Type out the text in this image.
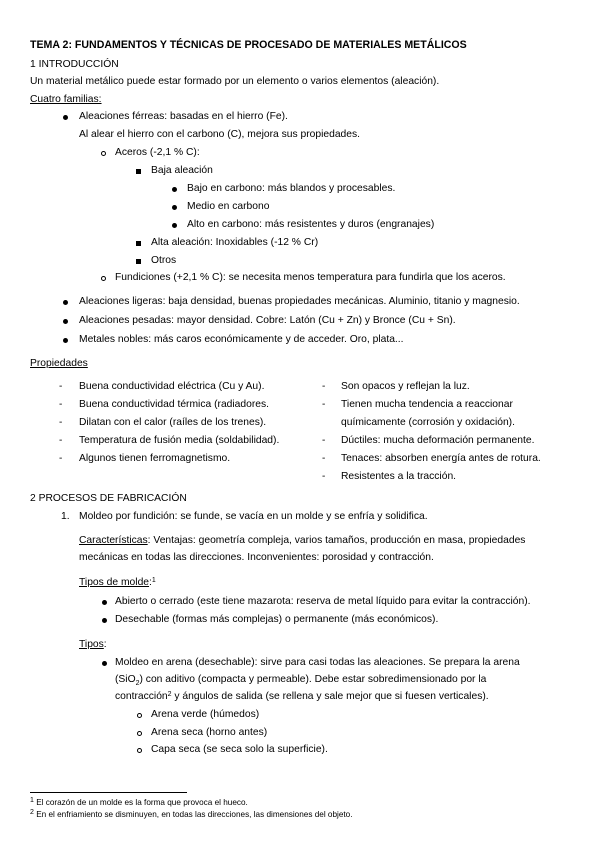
TEMA 2: FUNDAMENTOS Y TÉCNICAS DE PROCESADO DE MATERIALES METÁLICOS
1 INTRODUCCIÓN
Un material metálico puede estar formado por un elemento o varios elementos (aleación).
Cuatro familias:
Aleaciones férreas: basadas en el hierro (Fe).
Al alear el hierro con el carbono (C), mejora sus propiedades.
Aceros (-2,1 % C):
Baja aleación
Bajo en carbono: más blandos y procesables.
Medio en carbono
Alto en carbono: más resistentes y duros (engranajes)
Alta aleación: Inoxidables (-12 % Cr)
Otros
Fundiciones (+2,1 % C): se necesita menos temperatura para fundirla que los aceros.
Aleaciones ligeras: baja densidad, buenas propiedades mecánicas. Aluminio, titanio y magnesio.
Aleaciones pesadas: mayor densidad. Cobre: Latón (Cu + Zn) y Bronce (Cu + Sn).
Metales nobles: más caros económicamente y de acceder. Oro, plata...
Propiedades
- Buena conductividad eléctrica (Cu y Au).
- Buena conductividad térmica (radiadores.
- Dilatan con el calor (raíles de los trenes).
- Temperatura de fusión media (soldabilidad).
- Algunos tienen ferromagnetismo.
- Son opacos y reflejan la luz.
- Tienen mucha tendencia a reaccionar
químicamente (corrosión y oxidación).
- Dúctiles: mucha deformación permanente.
- Tenaces: absorben energía antes de rotura.
- Resistentes a la tracción.
2 PROCESOS DE FABRICACIÓN
1. Moldeo por fundición: se funde, se vacía en un molde y se enfría y solidifica.
Características: Ventajas: geometría compleja, varios tamaños, producción en masa, propiedades
mecánicas en todas las direcciones. Inconvenientes: porosidad y contracción.
Tipos de molde:$^1$
Abierto o cerrado (este tiene mazarota: reserva de metal líquido para evitar la contracción).
Desechable (formas más complejas) o permanente (más económicos).
Tipos:
Moldeo en arena (desechable): sirve para casi todas las aleaciones. Se prepara la arena
(SiO$_2$) con aditivo (compacta y permeable). Debe estar sobredimensionado por la
contracción$^2$ y ángulos de salida (se rellena y sale mejor que si fuesen verticales).
Arena verde (húmedos)
Arena seca (horno antes)
Capa seca (se seca solo la superficie).
$^1$ El corazón de un molde es la forma que provoca el hueco.
$^2$ En el enfriamiento se disminuyen, en todas las direcciones, las dimensiones del objeto.
